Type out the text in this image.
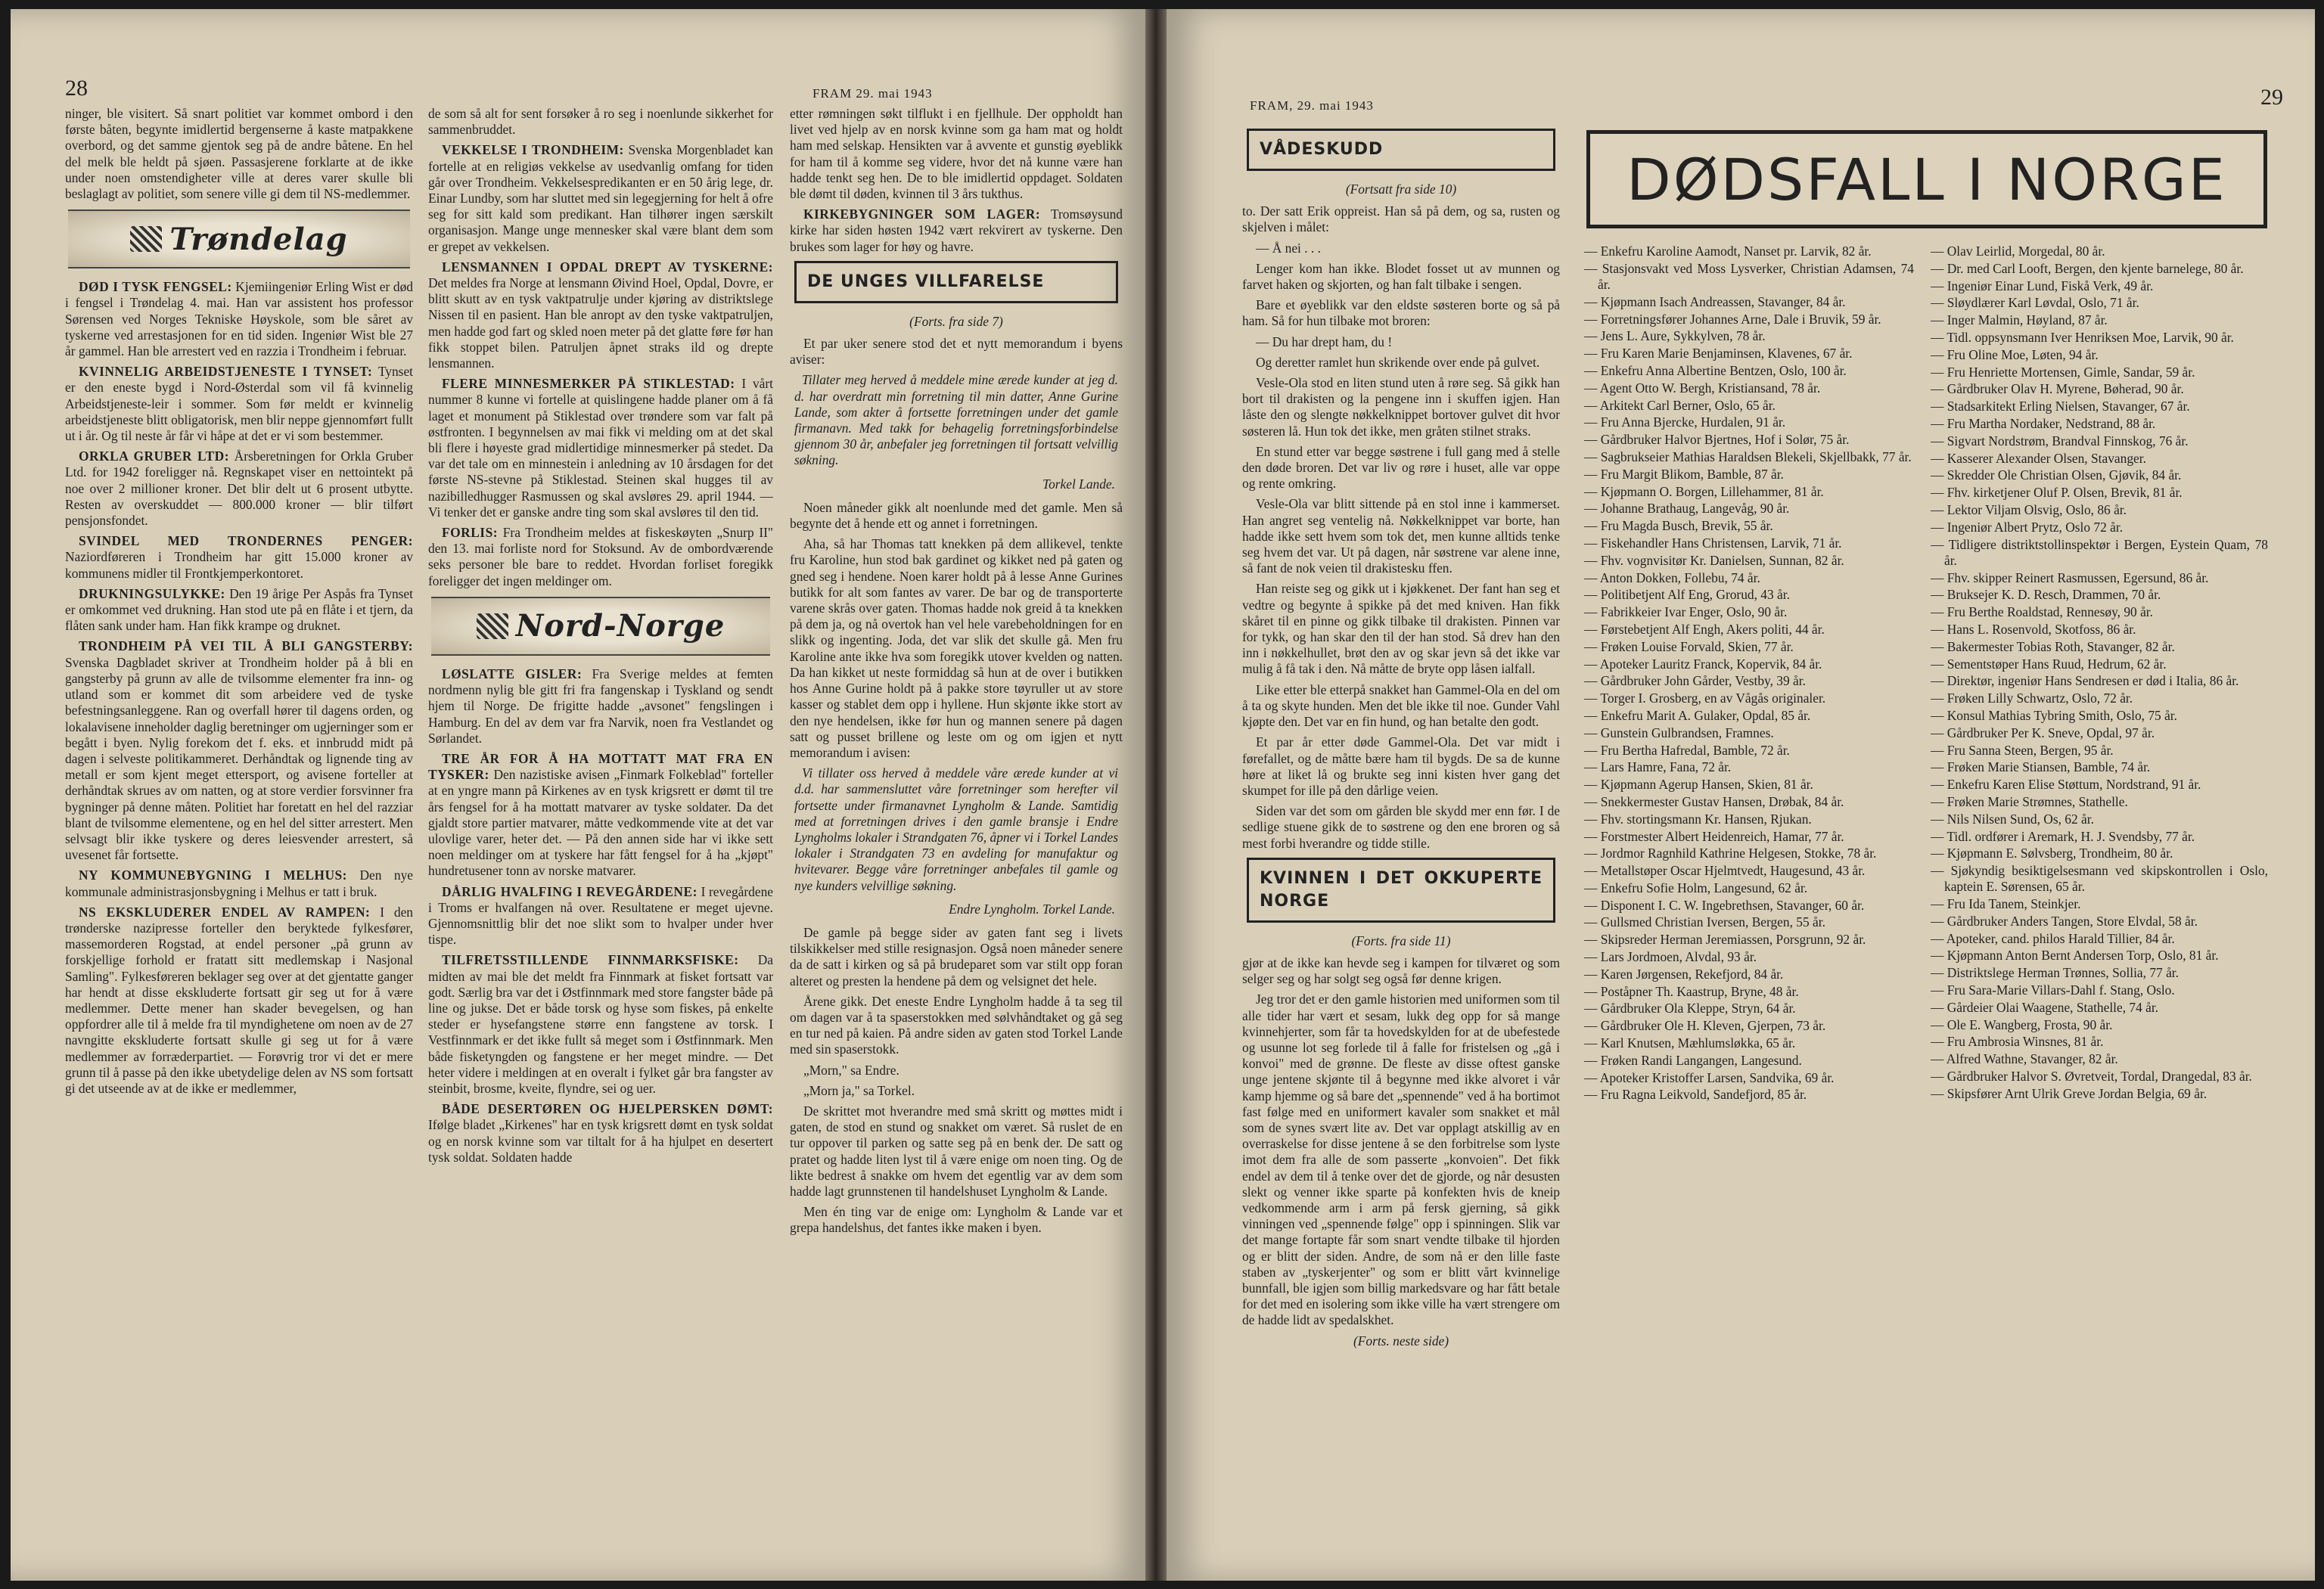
28	FRAM 29. mai 1943

ninger, ble visitert. Så snart politiet var kommet ombord i den første båten, begynte imidlertid bergenserne å kaste matpakkene overbord, og det samme gjentok seg på de andre båtene. En hel del melk ble heldt på sjøen. Passasjerene forklarte at de ikke under noen omstendigheter ville at deres varer skulle bli beslaglagt av politiet, som senere ville gi dem til NS-medlemmer.

Trøndelag

DØD I TYSK FENGSEL: Kjemiingeniør Erling Wist er død i fengsel i Trøndelag 4. mai. Han var assistent hos professor Sørensen ved Norges Tekniske Høyskole, som ble såret av tyskerne ved arrestasjonen for en tid siden. Ingeniør Wist ble 27 år gammel. Han ble arrestert ved en razzia i Trondheim i februar.

KVINNELIG ARBEIDSTJENESTE I TYNSET: Tynset er den eneste bygd i Nord-Østerdal som vil få kvinnelig Arbeidstjeneste-leir i sommer. Som før meldt er kvinnelig arbeidstjeneste blitt obligatorisk, men blir neppe gjennomført fullt ut i år. Og til neste år får vi håpe at det er vi som bestemmer.

ORKLA GRUBER LTD: Årsberetningen for Orkla Gruber Ltd. for 1942 foreligger nå. Regnskapet viser en nettointekt på noe over 2 millioner kroner. Det blir delt ut 6 prosent utbytte. Resten av overskuddet — 800.000 kroner — blir tilført pensjonsfondet.

SVINDEL MED TRONDERNES PENGER: Naziordføreren i Trondheim har gitt 15.000 kroner av kommunens midler til Frontkjemperkontoret.

DRUKNINGSULYKKE: Den 19 årige Per Aspås fra Tynset er omkommet ved drukning. Han stod ute på en flåte i et tjern, da flåten sank under ham. Han fikk krampe og druknet.

TRONDHEIM PÅ VEI TIL Å BLI GANGSTERBY: Svenska Dagbladet skriver at Trondheim holder på å bli en gangsterby på grunn av alle de tvilsomme elementer fra inn- og utland som er kommet dit som arbeidere ved de tyske befestningsanleggene. Ran og overfall hører til dagens orden, og lokalavisene inneholder daglig beretninger om ugjerninger som er begått i byen. Nylig forekom det f. eks. et innbrudd midt på dagen i selveste politikammeret. Derhåndtak og lignende ting av metall er som kjent meget ettersport, og avisene forteller at derhåndtak skrues av om natten, og at store verdier forsvinner fra bygninger på denne måten. Politiet har foretatt en hel del razziar blant de tvilsomme elementene, og en hel del sitter arrestert. Men selvsagt blir ikke tyskere og deres leiesvender arrestert, så uvesenet får fortsette.

NY KOMMUNEBYGNING I MELHUS: Den nye kommunale administrasjonsbygning i Melhus er tatt i bruk.

NS EKSKLUDERER ENDEL AV RAMPEN: I den trønderske nazipresse forteller den beryktede fylkesfører, massemorderen Rogstad, at endel personer „på grunn av forskjellige forhold er fratatt sitt medlemskap i Nasjonal Samling". Fylkesføreren beklager seg over at det gjentatte ganger har hendt at disse ekskluderte fortsatt gir seg ut for å være medlemmer. Dette mener han skader bevegelsen, og han oppfordrer alle til å melde fra til myndighetene om noen av de 27 navngitte ekskluderte fortsatt skulle gi seg ut for å være medlemmer av forræderpartiet. — Forøvrig tror vi det er mere grunn til å passe på den ikke ubetydelige delen av NS som fortsatt gi det utseende av at de ikke er medlemmer,

de som så alt for sent forsøker å ro seg i noenlunde sikkerhet for sammenbruddet.

VEKKELSE I TRONDHEIM: Svenska Morgenbladet kan fortelle at en religiøs vekkelse av usedvanlig omfang for tiden går over Trondheim. Vekkelsespredikanten er en 50 årig lege, dr. Einar Lundby, som har sluttet med sin legegjerning for helt å ofre seg for sitt kald som predikant. Han tilhører ingen særskilt organisasjon. Mange unge mennesker skal være blant dem som er grepet av vekkelsen.

LENSMANNEN I OPDAL DREPT AV TYSKERNE: Det meldes fra Norge at lensmann Øivind Hoel, Opdal, Dovre, er blitt skutt av en tysk vaktpatrulje under kjøring av distriktslege Nissen til en pasient. Han ble anropt av den tyske vaktpatruljen, men hadde god fart og skled noen meter på det glatte føre før han fikk stoppet bilen. Patruljen åpnet straks ild og drepte lensmannen.

FLERE MINNESMERKER PÅ STIKLESTAD: I vårt nummer 8 kunne vi fortelle at quislingene hadde planer om å få laget et monument på Stiklestad over trøndere som var falt på østfronten. I begynnelsen av mai fikk vi melding om at det skal bli flere i høyeste grad midlertidige minnesmerker på stedet. Da var det tale om en minnestein i anledning av 10 årsdagen for det første NS-stevne på Stiklestad. Steinen skal hugges til av nazibilledhugger Rasmussen og skal avsløres 29. april 1944. — Vi tenker det er ganske andre ting som skal avsløres til den tid.

FORLIS: Fra Trondheim meldes at fiskeskøyten „Snurp II" den 13. mai forliste nord for Stoksund. Av de ombordværende seks personer ble bare to reddet. Hvordan forliset foregikk foreligger det ingen meldinger om.

Nord-Norge

LØSLATTE GISLER: Fra Sverige meldes at femten nordmenn nylig ble gitt fri fra fangenskap i Tyskland og sendt hjem til Norge. De frigitte hadde „avsonet" fengslingen i Hamburg. En del av dem var fra Narvik, noen fra Vestlandet og Sørlandet.

TRE ÅR FOR Å HA MOTTATT MAT FRA EN TYSKER: Den nazistiske avisen „Finmark Folkeblad" forteller at en yngre mann på Kirkenes av en tysk krigsrett er dømt til tre års fengsel for å ha mottatt matvarer av tyske soldater. Da det gjaldt store partier matvarer, måtte vedkommende vite at det var ulovlige varer, heter det. — På den annen side har vi ikke sett noen meldinger om at tyskere har fått fengsel for å ha „kjøpt" hundretusener tonn av norske matvarer.

DÅRLIG HVALFING I REVEGÅRDENE: I revegårdene i Troms er hvalfangen nå over. Resultatene er meget ujevne. Gjennomsnittlig blir det noe slikt som to hvalper under hver tispe.

TILFRETSSTILLENDE FINNMARKSFISKE: Da midten av mai ble det meldt fra Finnmark at fisket fortsatt var godt. Særlig bra var det i Østfinnmark med store fangster både på line og jukse. Det er både torsk og hyse som fiskes, på enkelte steder er hysefangstene større enn fangstene av torsk. I Vestfinnmark er det ikke fullt så meget som i Østfinnmark. Men både fisketyngden og fangstene er her meget mindre. — Det heter videre i meldingen at en overalt i fylket går bra fangster av steinbit, brosme, kveite, flyndre, sei og uer.

BÅDE DESERTØREN OG HJELPERSKEN DØMT: Ifølge bladet „Kirkenes" har en tysk krigsrett dømt en tysk soldat og en norsk kvinne som var tiltalt for å ha hjulpet en desertert tysk soldat. Soldaten hadde

etter rømningen søkt tilflukt i en fjellhule. Der oppholdt han livet ved hjelp av en norsk kvinne som ga ham mat og holdt ham med selskap. Hensikten var å avvente et gunstig øyeblikk for ham til å komme seg videre, hvor det nå kunne være han hadde tenkt seg hen. De to ble imidlertid oppdaget. Soldaten ble dømt til døden, kvinnen til 3 års tukthus.

KIRKEBYGNINGER SOM LAGER: Tromsøysund kirke har siden høsten 1942 vært rekvirert av tyskerne. Den brukes som lager for høy og havre.

DE UNGES VILLFARELSE

(Forts. fra side 7)

Et par uker senere stod det et nytt memorandum i byens aviser:

Tillater meg herved å meddele mine ærede kunder at jeg d. d. har overdratt min forretning til min datter, Anne Gurine Lande, som akter å fortsette forretningen under det gamle firmanavn. Med takk for behagelig forretningsforbindelse gjennom 30 år, anbefaler jeg forretningen til fortsatt velvillig søkning.

Torkel Lande.

Noen måneder gikk alt noenlunde med det gamle. Men så begynte det å hende ett og annet i forretningen.

Aha, så har Thomas tatt knekken på dem allikevel, tenkte fru Karoline, hun stod bak gardinet og kikket ned på gaten og gned seg i hendene. Noen karer holdt på å lesse Anne Gurines butikk for alt som fantes av varer. De bar og de transporterte varene skrås over gaten. Thomas hadde nok greid å ta knekken på dem ja, og nå overtok han vel hele varebeholdningen for en slikk og ingenting. Joda, det var slik det skulle gå. Men fru Karoline ante ikke hva som foregikk utover kvelden og natten. Da han kikket ut neste formiddag så hun at de over i butikken hos Anne Gurine holdt på å pakke store tøyruller ut av store kasser og stablet dem opp i hyllene. Hun skjønte ikke stort av den nye hendelsen, ikke før hun og mannen senere på dagen satt og pusset brillene og leste om og om igjen et nytt memorandum i avisen:

Vi tillater oss herved å meddele våre ærede kunder at vi d.d. har sammensluttet våre forretninger som herefter vil fortsette under firmanavnet Lyngholm & Lande. Samtidig med at forretningen drives i den gamle bransje i Endre Lyngholms lokaler i Strandgaten 76, åpner vi i Torkel Landes lokaler i Strandgaten 73 en avdeling for manufaktur og hvitevarer. Begge våre forretninger anbefales til gamle og nye kunders velvillige søkning.

Endre Lyngholm. Torkel Lande.

De gamle på begge sider av gaten fant seg i livets tilskikkelser med stille resignasjon. Også noen måneder senere da de satt i kirken og så på brudeparet som var stilt opp foran alteret og presten la hendene på dem og velsignet det hele.

Årene gikk. Det eneste Endre Lyngholm hadde å ta seg til om dagen var å ta spaserstokken med sølvhåndtaket og gå seg en tur ned på kaien. På andre siden av gaten stod Torkel Lande med sin spaserstokk.

„Morn," sa Endre.

„Morn ja," sa Torkel.

De skrittet mot hverandre med små skritt og møttes midt i gaten, de stod en stund og snakket om været. Så ruslet de en tur oppover til parken og satte seg på en benk der. De satt og pratet og hadde liten lyst til å være enige om noen ting. Og de likte bedrest å snakke om hvem det egentlig var av dem som hadde lagt grunnstenen til handelshuset Lyngholm & Lande.

Men én ting var de enige om: Lyngholm & Lande var et grepa handelshus, det fantes ikke maken i byen.

FRAM, 29. mai 1943	29
DØDSFALL I NORGE
VÅDESKUDD

(Fortsatt fra side 10)

to. Der satt Erik oppreist. Han så på dem, og sa, rusten og skjelven i målet:

— Å nei . . .

Lenger kom han ikke. Blodet fosset ut av munnen og farvet haken og skjorten, og han falt tilbake i sengen.

Bare et øyeblikk var den eldste søsteren borte og så på ham. Så for hun tilbake mot broren:

— Du har drept ham, du !

Og deretter ramlet hun skrikende over ende på gulvet.

Vesle-Ola stod en liten stund uten å røre seg. Så gikk han bort til drakisten og la pengene inn i skuffen igjen. Han låste den og slengte nøkkelknippet bortover gulvet dit hvor søsteren lå. Hun tok det ikke, men gråten stilnet straks.

En stund etter var begge søstrene i full gang med å stelle den døde broren. Det var liv og røre i huset, alle var oppe og rente omkring.

Vesle-Ola var blitt sittende på en stol inne i kammerset. Han angret seg ventelig nå. Nøkkelknippet var borte, han hadde ikke sett hvem som tok det, men kunne alltids tenke seg hvem det var. Ut på dagen, når søstrene var alene inne, så fant de nok veien til drakistesku ffen.

Han reiste seg og gikk ut i kjøkkenet. Der fant han seg et vedtre og begynte å spikke på det med kniven. Han fikk skåret til en pinne og gikk tilbake til drakisten. Pinnen var for tykk, og han skar den til der han stod. Så drev han den inn i nøkkelhullet, brøt den av og skar jevn så det ikke var mulig å få tak i den. Nå måtte de bryte opp låsen ialfall.

Like etter ble etterpå snakket han Gammel-Ola en del om å ta og skyte hunden. Men det ble ikke til noe. Gunder Vahl kjøpte den. Det var en fin hund, og han betalte den godt.

Et par år etter døde Gammel-Ola. Det var midt i førefallet, og de måtte bære ham til bygds. De sa de kunne høre at liket lå og brukte seg inni kisten hver gang det skumpet for ille på den dårlige veien.

Siden var det som om gården ble skydd mer enn før. I de sedlige stuene gikk de to søstrene og den ene broren og så mest forbi hverandre og tidde stille.

KVINNEN I DET OKKUPERTE NORGE

(Forts. fra side 11)

gjør at de ikke kan hevde seg i kampen for tilværet og som selger seg og har solgt seg også før denne krigen.

Jeg tror det er den gamle historien med uniformen som til alle tider har vært et sesam, lukk deg opp for så mange kvinnehjerter, som får ta hovedskylden for at de ubefestede og usunne lot seg forlede til å falle for fristelsen og „gå i konvoi" med de grønne. De fleste av disse oftest ganske unge jentene skjønte til å begynne med ikke alvoret i vår kamp hjemme og så bare det „spennende" ved å ha bortimot fast følge med en uniformert kavaler som snakket et mål som de synes svært lite av. Det var opplagt atskillig av en overraskelse for disse jentene å se den forbitrelse som lyste imot dem fra alle de som passerte „konvoien". Det fikk endel av dem til å tenke over det de gjorde, og når desusten slekt og venner ikke sparte på konfekten hvis de kneip vedkommende arm i arm på fersk gjerning, så gikk vinningen ved „spennende følge" opp i spinningen. Slik var det mange fortapte får som snart vendte tilbake til hjorden og er blitt der siden. Andre, de som nå er den lille faste staben av „tyskerjenter" og som er blitt vårt kvinnelige bunnfall, ble igjen som billig markedsvare og har fått betale for det med en isolering som ikke ville ha vært strengere om de hadde lidt av spedalskhet.

(Forts. neste side)

— Enkefru Karoline Aamodt, Nanset pr. Larvik, 82 år.
— Stasjonsvakt ved Moss Lysverker, Christian Adamsen, 74 år.
— Kjøpmann Isach Andreassen, Stavanger, 84 år.
— Forretningsfører Johannes Arne, Dale i Bruvik, 59 år.
— Jens L. Aure, Sykkylven, 78 år.
— Fru Karen Marie Benjaminsen, Klavenes, 67 år.
— Enkefru Anna Albertine Bentzen, Oslo, 100 år.
— Agent Otto W. Bergh, Kristiansand, 78 år.
— Arkitekt Carl Berner, Oslo, 65 år.
— Fru Anna Bjercke, Hurdalen, 91 år.
— Gårdbruker Halvor Bjertnes, Hof i Solør, 75 år.
— Sagbrukseier Mathias Haraldsen Blekeli, Skjellbakk, 77 år.
— Fru Margit Blikom, Bamble, 87 år.
— Kjøpmann O. Borgen, Lillehammer, 81 år.
— Johanne Brathaug, Langevåg, 90 år.
— Fru Magda Busch, Brevik, 55 år.
— Fiskehandler Hans Christensen, Larvik, 71 år.
— Fhv. vognvisitør Kr. Danielsen, Sunnan, 82 år.
— Anton Dokken, Follebu, 74 år.
— Politibetjent Alf Eng, Grorud, 43 år.
— Fabrikkeier Ivar Enger, Oslo, 90 år.
— Førstebetjent Alf Engh, Akers politi, 44 år.
— Frøken Louise Forvald, Skien, 77 år.
— Apoteker Lauritz Franck, Kopervik, 84 år.
— Gårdbruker John Gårder, Vestby, 39 år.
— Torger I. Grosberg, en av Vågås originaler.
— Enkefru Marit A. Gulaker, Opdal, 85 år.
— Gunstein Gulbrandsen, Framnes.
— Fru Bertha Hafredal, Bamble, 72 år.
— Lars Hamre, Fana, 72 år.
— Kjøpmann Agerup Hansen, Skien, 81 år.
— Snekkermester Gustav Hansen, Drøbak, 84 år.
— Fhv. stortingsmann Kr. Hansen, Rjukan.
— Forstmester Albert Heidenreich, Hamar, 77 år.
— Jordmor Ragnhild Kathrine Helgesen, Stokke, 78 år.
— Metallstøper Oscar Hjelmtvedt, Haugesund, 43 år.
— Enkefru Sofie Holm, Langesund, 62 år.
— Disponent I. C. W. Ingebrethsen, Stavanger, 60 år.
— Gullsmed Christian Iversen, Bergen, 55 år.
— Skipsreder Herman Jeremiassen, Porsgrunn, 92 år.
— Lars Jordmoen, Alvdal, 93 år.
— Karen Jørgensen, Rekefjord, 84 år.
— Poståpner Th. Kaastrup, Bryne, 48 år.
— Gårdbruker Ola Kleppe, Stryn, 64 år.
— Gårdbruker Ole H. Kleven, Gjerpen, 73 år.
— Karl Knutsen, Mæhlumsløkka, 65 år.
— Frøken Randi Langangen, Langesund.
— Apoteker Kristoffer Larsen, Sandvika, 69 år.
— Fru Ragna Leikvold, Sandefjord, 85 år.
— Olav Leirlid, Morgedal, 80 år.
— Dr. med Carl Looft, Bergen, den kjente barnelege, 80 år.
— Ingeniør Einar Lund, Fiskå Verk, 49 år.
— Sløydlærer Karl Løvdal, Oslo, 71 år.
— Inger Malmin, Høyland, 87 år.
— Tidl. oppsynsmann Iver Henriksen Moe, Larvik, 90 år.
— Fru Oline Moe, Løten, 94 år.
— Fru Henriette Mortensen, Gimle, Sandar, 59 år.
— Gårdbruker Olav H. Myrene, Bøherad, 90 år.
— Stadsarkitekt Erling Nielsen, Stavanger, 67 år.
— Fru Martha Nordaker, Nedstrand, 88 år.
— Sigvart Nordstrøm, Brandval Finnskog, 76 år.
— Kasserer Alexander Olsen, Stavanger.
— Skredder Ole Christian Olsen, Gjøvik, 84 år.
— Fhv. kirketjener Oluf P. Olsen, Brevik, 81 år.
— Lektor Viljam Olsvig, Oslo, 86 år.
— Ingeniør Albert Prytz, Oslo 72 år.
— Tidligere distriktstollinspektør i Bergen, Eystein Quam, 78 år.
— Fhv. skipper Reinert Rasmussen, Egersund, 86 år.
— Bruksejer K. D. Resch, Drammen, 70 år.
— Fru Berthe Roaldstad, Rennesøy, 90 år.
— Hans L. Rosenvold, Skotfoss, 86 år.
— Bakermester Tobias Roth, Stavanger, 82 år.
— Sementstøper Hans Ruud, Hedrum, 62 år.
— Direktør, ingeniør Hans Sendresen er død i Italia, 86 år.
— Frøken Lilly Schwartz, Oslo, 72 år.
— Konsul Mathias Tybring Smith, Oslo, 75 år.
— Gårdbruker Per K. Sneve, Opdal, 97 år.
— Fru Sanna Steen, Bergen, 95 år.
— Frøken Marie Stiansen, Bamble, 74 år.
— Enkefru Karen Elise Støttum, Nordstrand, 91 år.
— Frøken Marie Strømnes, Stathelle.
— Nils Nilsen Sund, Os, 62 år.
— Tidl. ordfører i Aremark, H. J. Svendsby, 77 år.
— Kjøpmann E. Sølvsberg, Trondheim, 80 år.
— Sjøkyndig besiktigelsesmann ved skipskontrollen i Oslo, kaptein E. Sørensen, 65 år.
— Fru Ida Tanem, Steinkjer.
— Gårdbruker Anders Tangen, Store Elvdal, 58 år.
— Apoteker, cand. philos Harald Tillier, 84 år.
— Kjøpmann Anton Bernt Andersen Torp, Oslo, 81 år.
— Distriktslege Herman Trønnes, Sollia, 77 år.
— Fru Sara-Marie Villars-Dahl f. Stang, Oslo.
— Gårdeier Olai Waagene, Stathelle, 74 år.
— Ole E. Wangberg, Frosta, 90 år.
— Fru Ambrosia Winsnes, 81 år.
— Alfred Wathne, Stavanger, 82 år.
— Gårdbruker Halvor S. Øvretveit, Tordal, Drangedal, 83 år.
— Skipsfører Arnt Ulrik Greve Jordan Belgia, 69 år.
